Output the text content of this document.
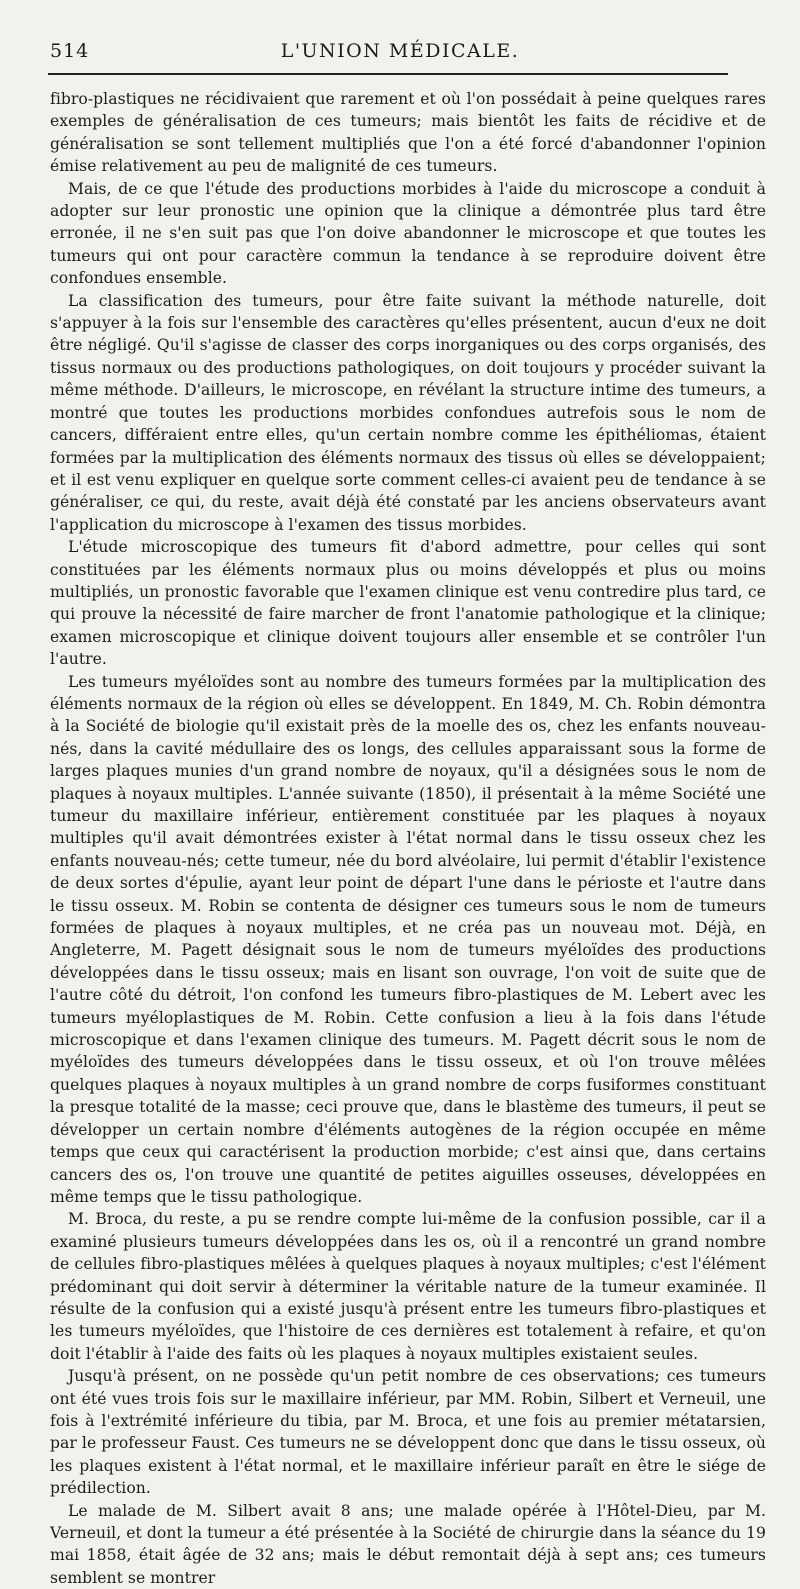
514	L'UNION MÉDICALE.

fibro-plastiques ne récidivaient que rarement et où l'on possédait à peine quelques rares exemples de généralisation de ces tumeurs; mais bientôt les faits de récidive et de généralisation se sont tellement multipliés que l'on a été forcé d'abandonner l'opinion émise relativement au peu de malignité de ces tumeurs.

Mais, de ce que l'étude des productions morbides à l'aide du microscope a conduit à adopter sur leur pronostic une opinion que la clinique a démontrée plus tard être erronée, il ne s'en suit pas que l'on doive abandonner le microscope et que toutes les tumeurs qui ont pour caractère commun la tendance à se reproduire doivent être confondues ensemble.

La classification des tumeurs, pour être faite suivant la méthode naturelle, doit s'appuyer à la fois sur l'ensemble des caractères qu'elles présentent, aucun d'eux ne doit être négligé. Qu'il s'agisse de classer des corps inorganiques ou des corps organisés, des tissus normaux ou des productions pathologiques, on doit toujours y procéder suivant la même méthode. D'ailleurs, le microscope, en révélant la structure intime des tumeurs, a montré que toutes les productions morbides confondues autrefois sous le nom de cancers, différaient entre elles, qu'un certain nombre comme les épithéliomas, étaient formées par la multiplication des éléments normaux des tissus où elles se développaient; et il est venu expliquer en quelque sorte comment celles-ci avaient peu de tendance à se généraliser, ce qui, du reste, avait déjà été constaté par les anciens observateurs avant l'application du microscope à l'examen des tissus morbides.

L'étude microscopique des tumeurs fit d'abord admettre, pour celles qui sont constituées par les éléments normaux plus ou moins développés et plus ou moins multipliés, un pronostic favorable que l'examen clinique est venu contredire plus tard, ce qui prouve la nécessité de faire marcher de front l'anatomie pathologique et la clinique; examen microscopique et clinique doivent toujours aller ensemble et se contrôler l'un l'autre.

Les tumeurs myéloïdes sont au nombre des tumeurs formées par la multiplication des éléments normaux de la région où elles se développent. En 1849, M. Ch. Robin démontra à la Société de biologie qu'il existait près de la moelle des os, chez les enfants nouveau-nés, dans la cavité médullaire des os longs, des cellules apparaissant sous la forme de larges plaques munies d'un grand nombre de noyaux, qu'il a désignées sous le nom de plaques à noyaux multiples. L'année suivante (1850), il présentait à la même Société une tumeur du maxillaire inférieur, entièrement constituée par les plaques à noyaux multiples qu'il avait démontrées exister à l'état normal dans le tissu osseux chez les enfants nouveau-nés; cette tumeur, née du bord alvéolaire, lui permit d'établir l'existence de deux sortes d'épulie, ayant leur point de départ l'une dans le périoste et l'autre dans le tissu osseux. M. Robin se contenta de désigner ces tumeurs sous le nom de tumeurs formées de plaques à noyaux multiples, et ne créa pas un nouveau mot. Déjà, en Angleterre, M. Pagett désignait sous le nom de tumeurs myéloïdes des productions développées dans le tissu osseux; mais en lisant son ouvrage, l'on voit de suite que de l'autre côté du détroit, l'on confond les tumeurs fibro-plastiques de M. Lebert avec les tumeurs myéloplastiques de M. Robin. Cette confusion a lieu à la fois dans l'étude microscopique et dans l'examen clinique des tumeurs. M. Pagett décrit sous le nom de myéloïdes des tumeurs développées dans le tissu osseux, et où l'on trouve mêlées quelques plaques à noyaux multiples à un grand nombre de corps fusiformes constituant la presque totalité de la masse; ceci prouve que, dans le blastème des tumeurs, il peut se développer un certain nombre d'éléments autogènes de la région occupée en même temps que ceux qui caractérisent la production morbide; c'est ainsi que, dans certains cancers des os, l'on trouve une quantité de petites aiguilles osseuses, développées en même temps que le tissu pathologique.

M. Broca, du reste, a pu se rendre compte lui-même de la confusion possible, car il a examiné plusieurs tumeurs développées dans les os, où il a rencontré un grand nombre de cellules fibro-plastiques mêlées à quelques plaques à noyaux multiples; c'est l'élément prédominant qui doit servir à déterminer la véritable nature de la tumeur examinée. Il résulte de la confusion qui a existé jusqu'à présent entre les tumeurs fibro-plastiques et les tumeurs myéloïdes, que l'histoire de ces dernières est totalement à refaire, et qu'on doit l'établir à l'aide des faits où les plaques à noyaux multiples existaient seules.

Jusqu'à présent, on ne possède qu'un petit nombre de ces observations; ces tumeurs ont été vues trois fois sur le maxillaire inférieur, par MM. Robin, Silbert et Verneuil, une fois à l'extrémité inférieure du tibia, par M. Broca, et une fois au premier métatarsien, par le professeur Faust. Ces tumeurs ne se développent donc que dans le tissu osseux, où les plaques existent à l'état normal, et le maxillaire inférieur paraît en être le siége de prédilection.

Le malade de M. Silbert avait 8 ans; une malade opérée à l'Hôtel-Dieu, par M. Verneuil, et dont la tumeur a été présentée à la Société de chirurgie dans la séance du 19 mai 1858, était âgée de 32 ans; mais le début remontait déjà à sept ans; ces tumeurs semblent se montrer
